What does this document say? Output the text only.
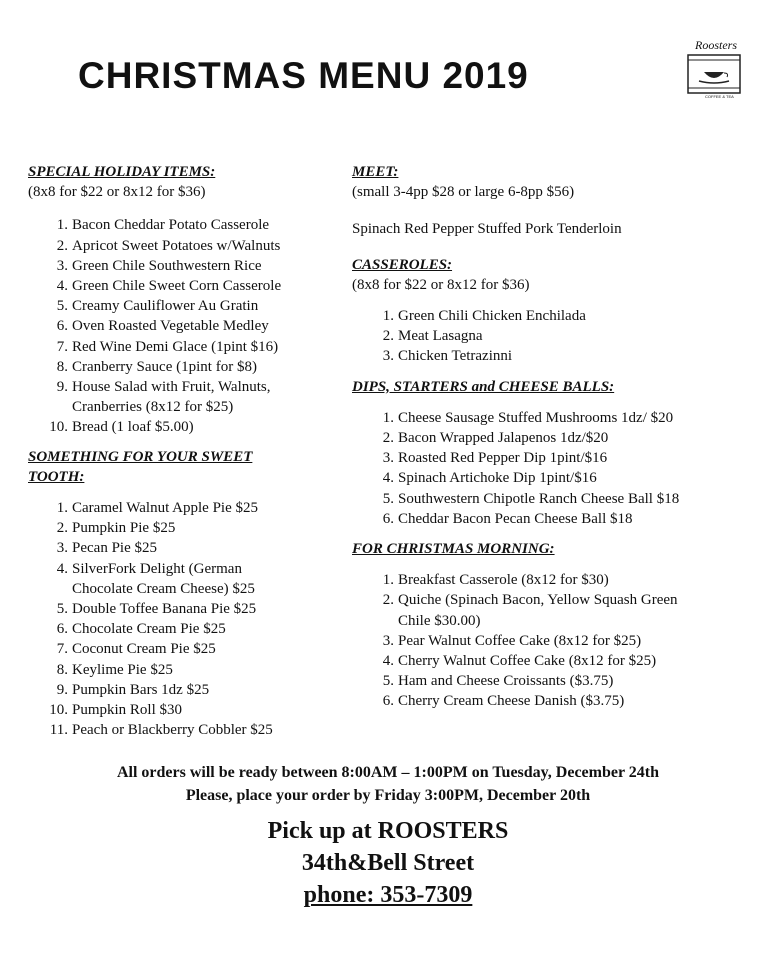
CHRISTMAS MENU 2019
Roosters
COFFEE & TEA

SPECIAL HOLIDAY ITEMS:

(8x8 for $22 or 8x12 for $36)

1. Bacon Cheddar Potato Casserole
2. Apricot Sweet Potatoes w/Walnuts
3. Green Chile Southwestern Rice
4. Green Chile Sweet Corn Casserole
5. Creamy Cauliflower Au Gratin
6. Oven Roasted Vegetable Medley
7. Red Wine Demi Glace (1pint $16)
8. Cranberry Sauce (1pint for $8)
9. House Salad with Fruit, Walnuts,
Cranberries (8x12 for $25)
10. Bread (1 loaf $5.00)

SOMETHING FOR YOUR SWEET

TOOTH:

1. Caramel Walnut Apple Pie $25
2. Pumpkin Pie $25
3. Pecan Pie $25
4. SilverFork Delight (German
Chocolate Cream Cheese) $25
5. Double Toffee Banana Pie $25
6. Chocolate Cream Pie $25
7. Coconut Cream Pie $25
8. Keylime Pie $25
9. Pumpkin Bars 1dz $25
10. Pumpkin Roll $30
11. Peach or Blackberry Cobbler $25

MEET:

(small 3-4pp $28 or large 6-8pp $56)

Spinach Red Pepper Stuffed Pork Tenderloin

CASSEROLES:

(8x8 for $22 or 8x12 for $36)

1. Green Chili Chicken Enchilada
2. Meat Lasagna
3. Chicken Tetrazinni

DIPS, STARTERS and CHEESE BALLS:

1. Cheese Sausage Stuffed Mushrooms 1dz/ $20
2. Bacon Wrapped Jalapenos 1dz/$20
3. Roasted Red Pepper Dip 1pint/$16
4. Spinach Artichoke Dip 1pint/$16
5. Southwestern Chipotle Ranch Cheese Ball $18
6. Cheddar Bacon Pecan Cheese Ball $18

FOR CHRISTMAS MORNING:

1. Breakfast Casserole (8x12 for $30)
2. Quiche (Spinach Bacon, Yellow Squash Green
Chile $30.00)
3. Pear Walnut Coffee Cake (8x12 for $25)
4. Cherry Walnut Coffee Cake (8x12 for $25)
5. Ham and Cheese Croissants ($3.75)
6. Cherry Cream Cheese Danish ($3.75)
All orders will be ready between 8:00AM – 1:00PM on Tuesday, December 24th
Please, place your order by Friday 3:00PM, December 20th
Pick up at ROOSTERS
34th&Bell Street
phone: 353-7309
